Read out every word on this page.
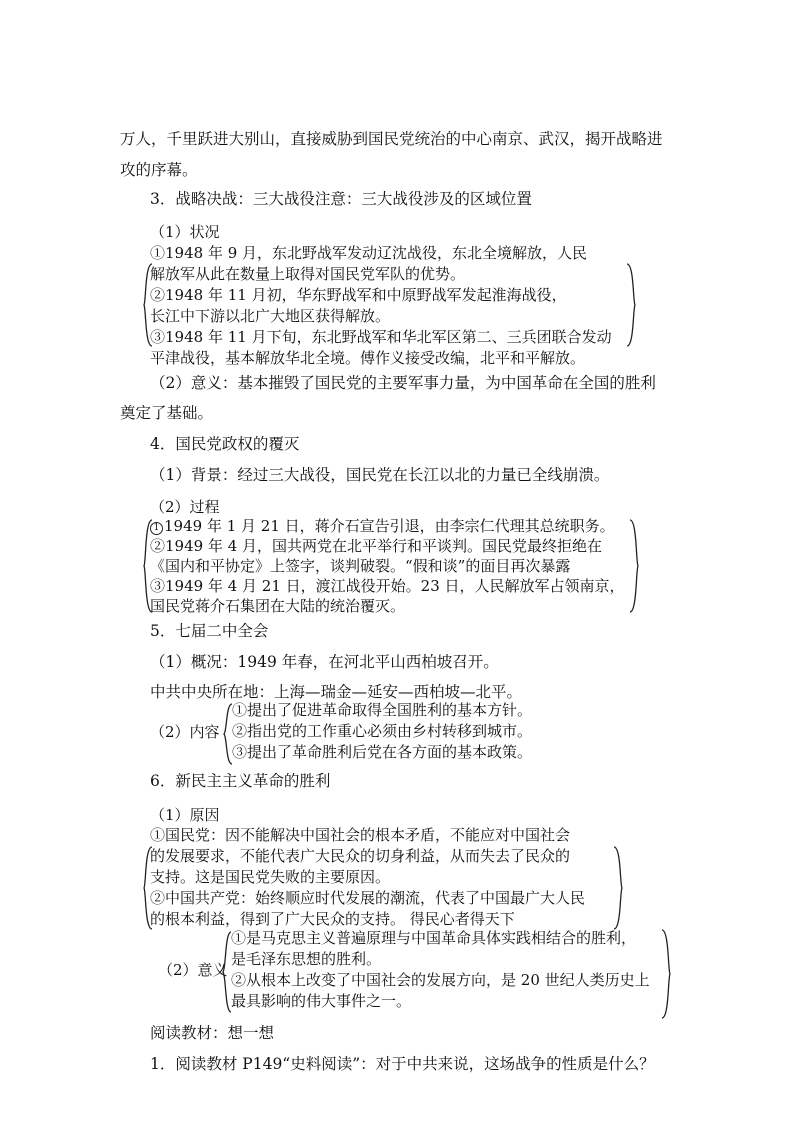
万人，千里跃进大别山，直接威胁到国民党统治的中心南京、武汉，揭开战略进
攻的序幕。
3．战略决战：三大战役注意：三大战役涉及的区域位置
（1）状况
①1948 年 9 月，东北野战军发动辽沈战役，东北全境解放，人民
解放军从此在数量上取得对国民党军队的优势。
②1948 年 11 月初，华东野战军和中原野战军发起淮海战役，
长江中下游以北广大地区获得解放。
③1948 年 11 月下旬，东北野战军和华北军区第二、三兵团联合发动
平津战役，基本解放华北全境。傅作义接受改编，北平和平解放。
（2）意义：基本摧毁了国民党的主要军事力量，为中国革命在全国的胜利
奠定了基础。
4．国民党政权的覆灭
（1）背景：经过三大战役，国民党在长江以北的力量已全线崩溃。
（2）过程
1 1949 年 1 月 21 日，蒋介石宣告引退，由李宗仁代理其总统职务。
②1949 年 4 月，国共两党在北平举行和平谈判。国民党最终拒绝在
《国内和平协定》上签字，谈判破裂。“假和谈”的面目再次暴露
③1949 年 4 月 21 日，渡江战役开始。23 日，人民解放军占领南京，
国民党蒋介石集团在大陆的统治覆灭。
5．七届二中全会
（1）概况：1949 年春，在河北平山西柏坡召开。
中共中央所在地：上海—瑞金—延安—西柏坡—北平。
（2）内容
①提出了促进革命取得全国胜利的基本方针。
②指出党的工作重心必须由乡村转移到城市。
③提出了革命胜利后党在各方面的基本政策。
6．新民主主义革命的胜利
（1）原因
①国民党：因不能解决中国社会的根本矛盾，不能应对中国社会
的发展要求，不能代表广大民众的切身利益，从而失去了民众的
支持。这是国民党失败的主要原因。
②中国共产党：始终顺应时代发展的潮流，代表了中国最广大人民
的根本利益，得到了广大民众的支持。 得民心者得天下
（2）意义
①是马克思主义普遍原理与中国革命具体实践相结合的胜利，
是毛泽东思想的胜利。
②从根本上改变了中国社会的发展方向，是 20 世纪人类历史上
最具影响的伟大事件之一。
阅读教材：想一想
1．阅读教材 P149“史料阅读”：对于中共来说，这场战争的性质是什么？
